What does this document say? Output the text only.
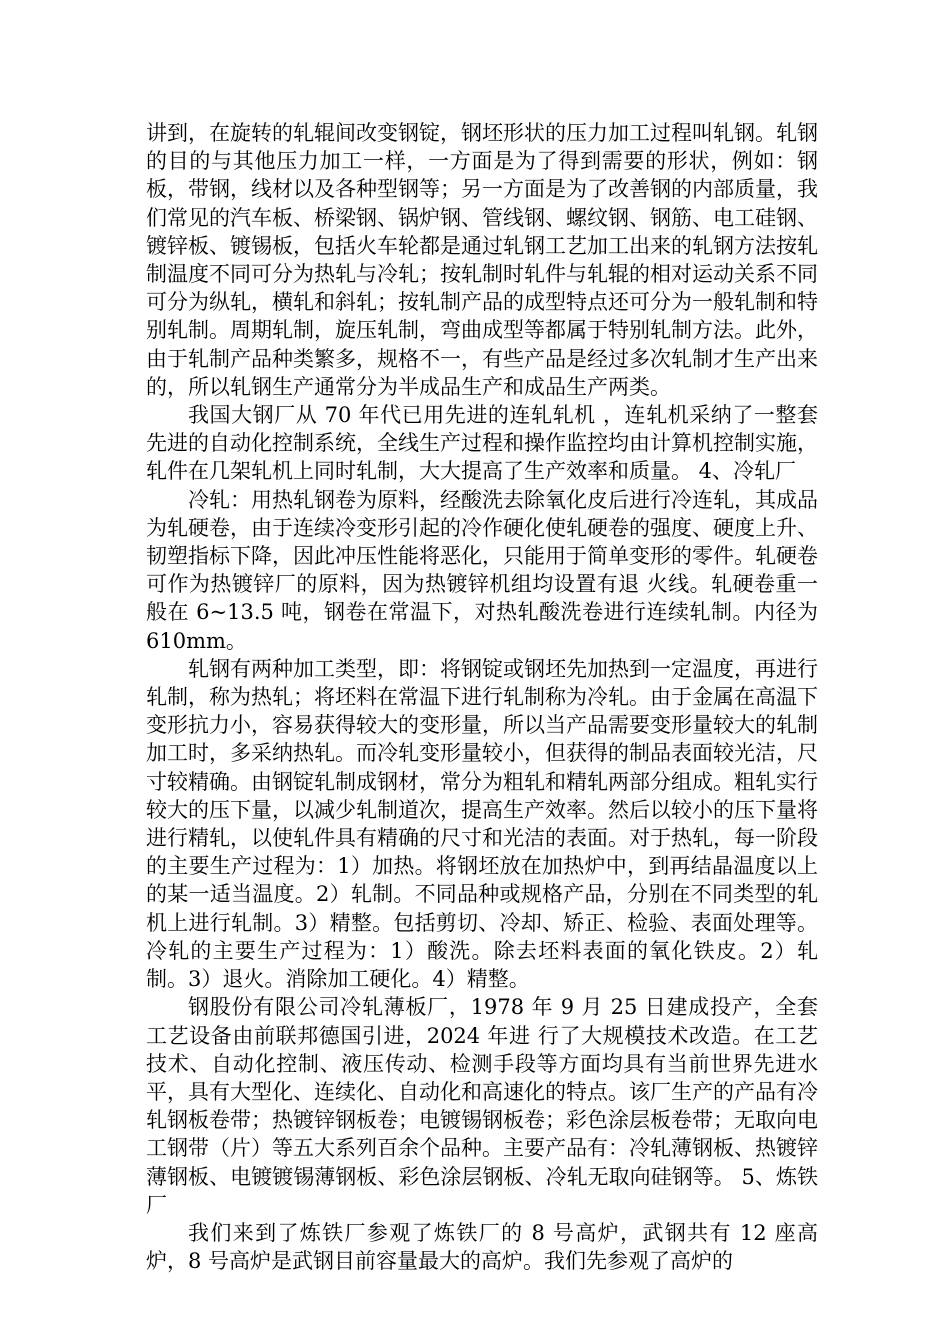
讲到，在旋转的轧辊间改变钢锭，钢坯形状的压力加工过程叫轧钢。轧钢的目的与其他压力加工一样，一方面是为了得到需要的形状，例如：钢板，带钢，线材以及各种型钢等；另一方面是为了改善钢的内部质量，我们常见的汽车板、桥梁钢、锅炉钢、管线钢、螺纹钢、钢筋、电工硅钢、镀锌板、镀锡板，包括火车轮都是通过轧钢工艺加工出来的轧钢方法按轧制温度不同可分为热轧与冷轧；按轧制时轧件与轧辊的相对运动关系不同可分为纵轧，横轧和斜轧；按轧制产品的成型特点还可分为一般轧制和特别轧制。周期轧制，旋压轧制，弯曲成型等都属于特别轧制方法。此外，由于轧制产品种类繁多，规格不一，有些产品是经过多次轧制才生产出来的，所以轧钢生产通常分为半成品生产和成品生产两类。

我国大钢厂从 70 年代已用先进的连轧轧机 ，连轧机采纳了一整套先进的自动化控制系统，全线生产过程和操作监控均由计算机控制实施，轧件在几架轧机上同时轧制，大大提高了生产效率和质量。 4、冷轧厂

冷轧：用热轧钢卷为原料，经酸洗去除氧化皮后进行冷连轧，其成品为轧硬卷，由于连续冷变形引起的冷作硬化使轧硬卷的强度、硬度上升、韧塑指标下降，因此冲压性能将恶化，只能用于简单变形的零件。轧硬卷可作为热镀锌厂的原料，因为热镀锌机组均设置有退 火线。轧硬卷重一般在 6~13.5 吨，钢卷在常温下，对热轧酸洗卷进行连续轧制。内径为 610mm。

轧钢有两种加工类型，即：将钢锭或钢坯先加热到一定温度，再进行轧制，称为热轧；将坯料在常温下进行轧制称为冷轧。由于金属在高温下变形抗力小，容易获得较大的变形量，所以当产品需要变形量较大的轧制加工时，多采纳热轧。而冷轧变形量较小，但获得的制品表面较光洁，尺寸较精确。由钢锭轧制成钢材，常分为粗轧和精轧两部分组成。粗轧实行较大的压下量，以减少轧制道次，提高生产效率。然后以较小的压下量将进行精轧，以使轧件具有精确的尺寸和光洁的表面。对于热轧，每一阶段的主要生产过程为：1）加热。将钢坯放在加热炉中，到再结晶温度以上的某一适当温度。2）轧制。不同品种或规格产品，分别在不同类型的轧机上进行轧制。3）精整。包括剪切、冷却、矫正、检验、表面处理等。冷轧的主要生产过程为：1）酸洗。除去坯料表面的氧化铁皮。2）轧制。3）退火。消除加工硬化。4）精整。

钢股份有限公司冷轧薄板厂，1978 年 9 月 25 日建成投产，全套工艺设备由前联邦德国引进，2024 年进 行了大规模技术改造。在工艺技术、自动化控制、液压传动、检测手段等方面均具有当前世界先进水平，具有大型化、连续化、自动化和高速化的特点。该厂生产的产品有冷轧钢板卷带；热镀锌钢板卷；电镀锡钢板卷；彩色涂层板卷带；无取向电工钢带（片）等五大系列百余个品种。主要产品有：冷轧薄钢板、热镀锌薄钢板、电镀镀锡薄钢板、彩色涂层钢板、冷轧无取向硅钢等。 5、炼铁厂

我们来到了炼铁厂参观了炼铁厂的 8 号高炉，武钢共有 12 座高炉，8 号高炉是武钢目前容量最大的高炉。我们先参观了高炉的
